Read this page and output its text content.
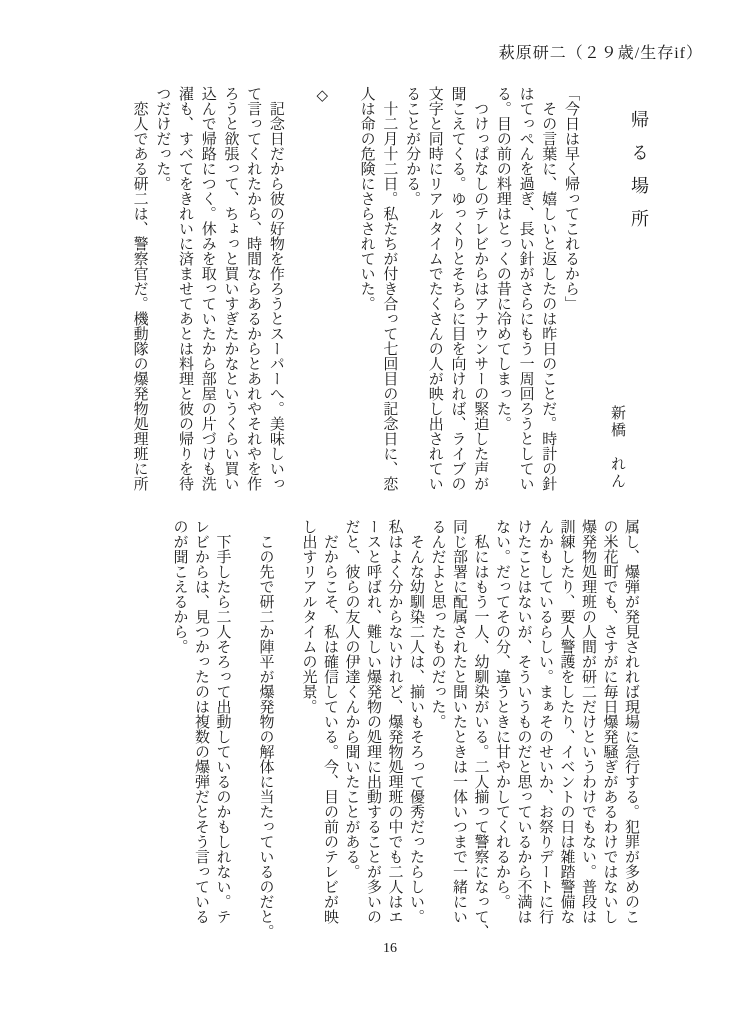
萩原研二（２９歳/生存if）
帰る場所
新橋　れん
「今日は早く帰ってこれるから」
　その言葉に、嬉しいと返したのは昨日のことだ。時計の針
はてっぺんを過ぎ、長い針がさらにもう一周回ろうとしてい
る。目の前の料理はとっくの昔に冷めてしまった。
　つけっぱなしのテレビからはアナウンサーの緊迫した声が
聞こえてくる。ゆっくりとそちらに目を向ければ、ライブの
文字と同時にリアルタイムでたくさんの人が映し出されてい
ることが分かる。
　十二月十二日。私たちが付き合って七回目の記念日に、恋
人は命の危険にさらされていた。

◇

　記念日だから彼の好物を作ろうとスーパーへ。美味しいっ
て言ってくれたから、時間ならあるからとあれやそれやを作
ろうと欲張って、ちょっと買いすぎたかなというくらい買い
込んで帰路につく。休みを取っていたから部屋の片づけも洗
濯も、すべてをきれいに済ませてあとは料理と彼の帰りを待
つだけだった。
　恋人である研二は、警察官だ。機動隊の爆発物処理班に所
属し、爆弾が発見されれば現場に急行する。犯罪が多めのこ
の米花町でも、さすがに毎日爆発騒ぎがあるわけではないし
爆発物処理班の人間が研二だけというわけでもない。普段は
訓練したり、要人警護をしたり、イベントの日は雑踏警備な
んかもしているらしい。まぁそのせいか、お祭りデートに行
けたことはないが、そういうものだと思っているから不満は
ない。だってその分、違うときに甘やかしてくれるから。
　私にはもう一人、幼馴染がいる。二人揃って警察になって、
同じ部署に配属されたと聞いたときは一体いつまで一緒にい
るんだよと思ったものだった。
　そんな幼馴染二人は、揃いもそろって優秀だったらしい。
私はよく分からないけれど、爆発物処理班の中でも二人はエ
ースと呼ばれ、難しい爆発物の処理に出動することが多いの
だと、彼らの友人の伊達くんから聞いたことがある。
　だからこそ、私は確信している。今、目の前のテレビが映
し出すリアルタイムの光景。

　この先で研二か陣平が爆発物の解体に当たっているのだと。

　下手したら二人そろって出動しているのかもしれない。テ
レビからは、見つかったのは複数の爆弾だとそう言っている
のが聞こえるから。
16
